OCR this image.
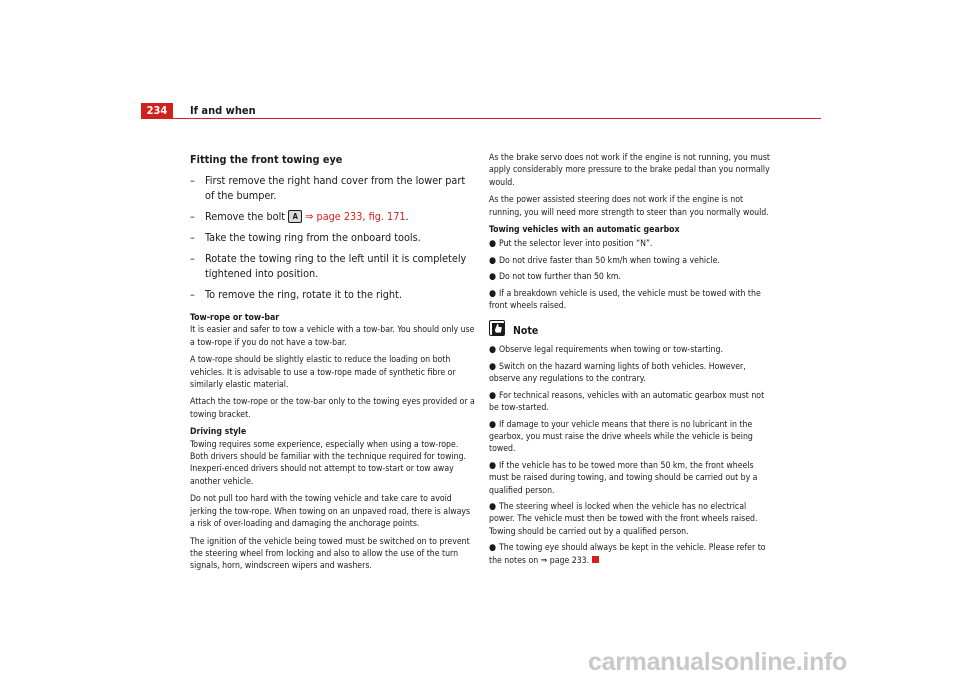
234	If and when
Fitting the front towing eye
– First remove the right hand cover from the lower part of the bumper.
– Remove the bolt A ⇒ page 233, fig. 171.
– Take the towing ring from the onboard tools.
– Rotate the towing ring to the left until it is completely tightened into position.
– To remove the ring, rotate it to the right.
Tow-rope or tow-bar

It is easier and safer to tow a vehicle with a tow-bar. You should only use a tow-rope if you do not have a tow-bar.

A tow-rope should be slightly elastic to reduce the loading on both vehicles. It is advisable to use a tow-rope made of synthetic fibre or similarly elastic material.

Attach the tow-rope or the tow-bar only to the towing eyes provided or a towing bracket.

Driving style

Towing requires some experience, especially when using a tow-rope. Both drivers should be familiar with the technique required for towing. Inexperi-enced drivers should not attempt to tow-start or tow away another vehicle.

Do not pull too hard with the towing vehicle and take care to avoid jerking the tow-rope. When towing on an unpaved road, there is always a risk of over-loading and damaging the anchorage points.

The ignition of the vehicle being towed must be switched on to prevent the steering wheel from locking and also to allow the use of the turn signals, horn, windscreen wipers and washers.

As the brake servo does not work if the engine is not running, you must apply considerably more pressure to the brake pedal than you normally would.

As the power assisted steering does not work if the engine is not running, you will need more strength to steer than you normally would.

Towing vehicles with an automatic gearbox

● Put the selector lever into position “N”.

● Do not drive faster than 50 km/h when towing a vehicle.

● Do not tow further than 50 km.

● If a breakdown vehicle is used, the vehicle must be towed with the front wheels raised.

Note

● Observe legal requirements when towing or tow-starting.

● Switch on the hazard warning lights of both vehicles. However, observe any regulations to the contrary.

● For technical reasons, vehicles with an automatic gearbox must not be tow-started.

● If damage to your vehicle means that there is no lubricant in the gearbox, you must raise the drive wheels while the vehicle is being towed.

● If the vehicle has to be towed more than 50 km, the front wheels must be raised during towing, and towing should be carried out by a qualified person.

● The steering wheel is locked when the vehicle has no electrical power. The vehicle must then be towed with the front wheels raised. Towing should be carried out by a qualified person.

● The towing eye should always be kept in the vehicle. Please refer to the notes on ⇒ page 233.

carmanualsonline.info
